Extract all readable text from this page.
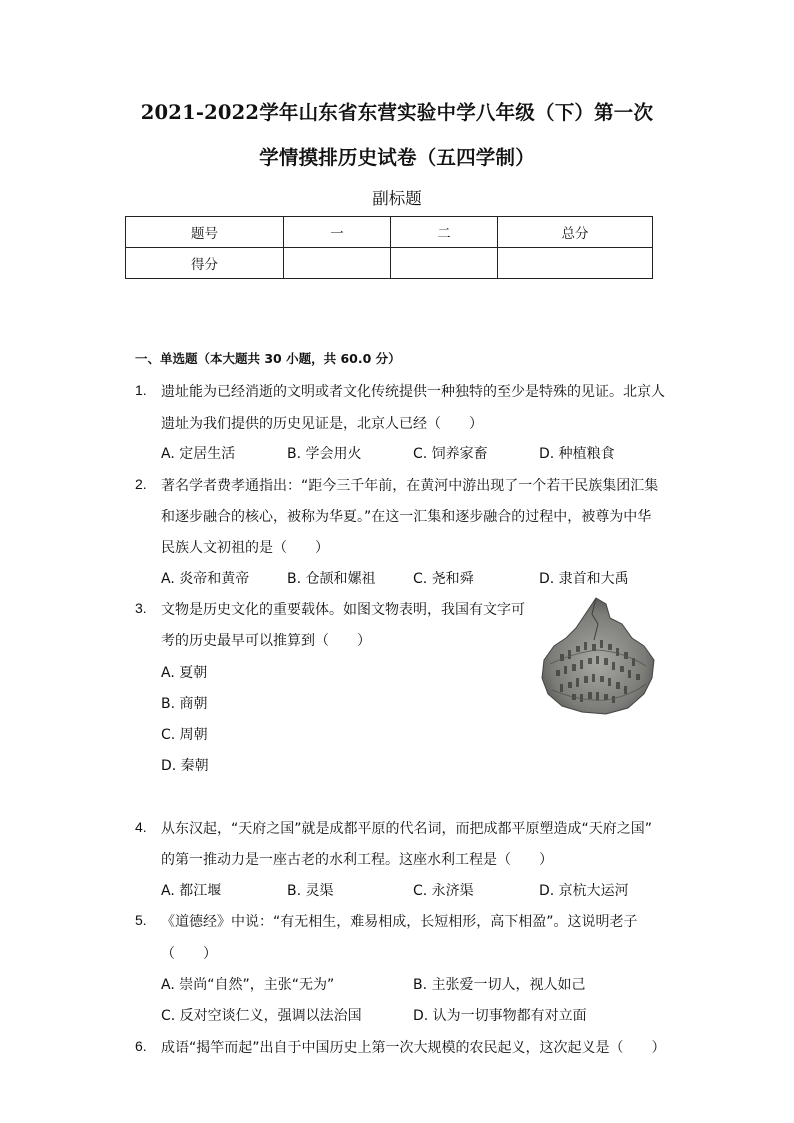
2021-2022学年山东省东营实验中学八年级（下）第一次
学情摸排历史试卷（五四学制）
副标题
题号	一	二	总分
得分			
一、单选题（本大题共 30 小题，共 60.0 分）
1. 遗址能为已经消逝的文明或者文化传统提供一种独特的至少是特殊的见证。北京人
遗址为我们提供的历史见证是，北京人已经（　　）
A. 定居生活	B. 学会用火	C. 饲养家畜	D. 种植粮食
2. 著名学者费孝通指出：“距今三千年前，在黄河中游出现了一个若干民族集团汇集
和逐步融合的核心，被称为华夏。”在这一汇集和逐步融合的过程中，被尊为中华
民族人文初祖的是（　　）
A. 炎帝和黄帝	B. 仓颉和嫘祖	C. 尧和舜	D. 隶首和大禹
3. 文物是历史文化的重要载体。如图文物表明，我国有文字可
考的历史最早可以推算到（　　）
A. 夏朝
B. 商朝
C. 周朝
D. 秦朝
4. 从东汉起，“天府之国”就是成都平原的代名词，而把成都平原塑造成“天府之国”
的第一推动力是一座古老的水利工程。这座水利工程是（　　）
A. 都江堰	B. 灵渠	C. 永济渠	D. 京杭大运河
5. 《道德经》中说：“有无相生，难易相成，长短相形，高下相盈”。这说明老子
（　　）
A. 崇尚“自然”，主张“无为”	B. 主张爱一切人，视人如己
C. 反对空谈仁义，强调以法治国	D. 认为一切事物都有对立面
6. 成语“揭竿而起”出自于中国历史上第一次大规模的农民起义，这次起义是（　　）
